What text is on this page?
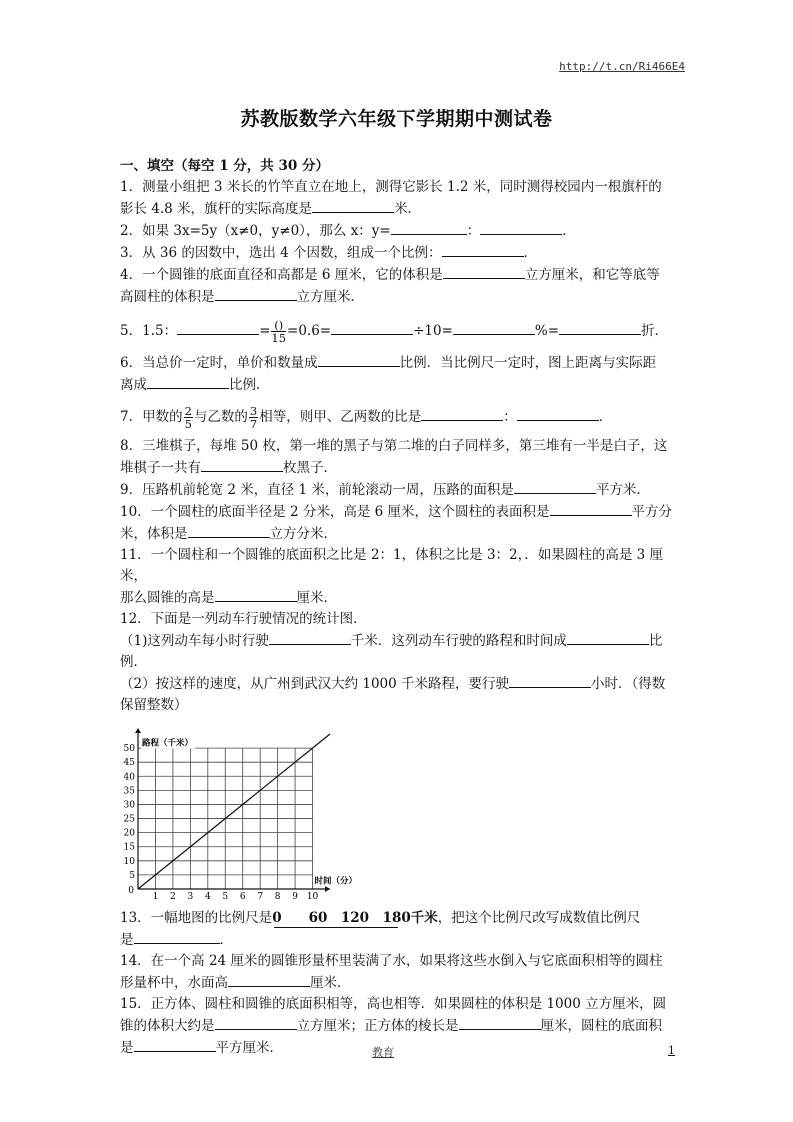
http://t.cn/Ri466E4
苏教版数学六年级下学期期中测试卷

一、填空（每空 1 分，共 30 分）

1．测量小组把 3 米长的竹竿直立在地上，测得它影长 1.2 米，同时测得校园内一根旗杆的
影长 4.8 米，旗杆的实际高度是	米．

2．如果 3x=5y（x≠0，y≠0），那么 x：y=	：	．

3．从 36 的因数中，选出 4 个因数，组成一个比例：	．

4．一个圆锥的底面直径和高都是 6 厘米，它的体积是	立方厘米，和它等底等
高圆柱的体积是	立方厘米．

5．1.5：	= $\frac{()}{15} =0.6=$	÷10=	%=	折．

6．当总价一定时，单价和数量成	比例．当比例尺一定时，图上距离与实际距
离成	比例．

7．甲数的 $\frac{2}{5}$ 与乙数的 $\frac{3}{7}$ 相等，则甲、乙两数的比是	：	．

8．三堆棋子，每堆 50 枚，第一堆的黑子与第二堆的白子同样多，第三堆有一半是白子，这
堆棋子一共有	枚黑子．

9．压路机前轮宽 2 米，直径 1 米，前轮滚动一周，压路的面积是	平方米．

10．一个圆柱的底面半径是 2 分米，高是 6 厘米，这个圆柱的表面积是	平方分
米，体积是	立方分米．

11．一个圆柱和一个圆锥的底面积之比是 2：1，体积之比是 3：2，．如果圆柱的高是 3 厘米，
那么圆锥的高是	厘米．

12．下面是一列动车行驶情况的统计图．

（1)这列动车每小时行驶	千米．这列动车行驶的路程和时间成	比
例．

（2）按这样的速度，从广州到武汉大约 1000 千米路程，要行驶	小时．（得数
保留整数）

1 2 3 4 5 6 7 8 9 10
5
10
15
20
25
30
35
40
45
50
0
路程（千米）
时间（分）

13．一幅地图的比例尺是0　　60　120　180千米
，把这个比例尺改写成数值比例尺
是	．

14．在一个高 24 厘米的圆锥形量杯里装满了水，如果将这些水倒入与它底面积相等的圆柱
形量杯中，水面高	厘米．

15．正方体、圆柱和圆锥的底面积相等，高也相等．如果圆柱的体积是 1000 立方厘米，圆
锥的体积大约是	立方厘米；正方体的棱长是	厘米，圆柱的底面积
是	平方厘米．	教育	1
